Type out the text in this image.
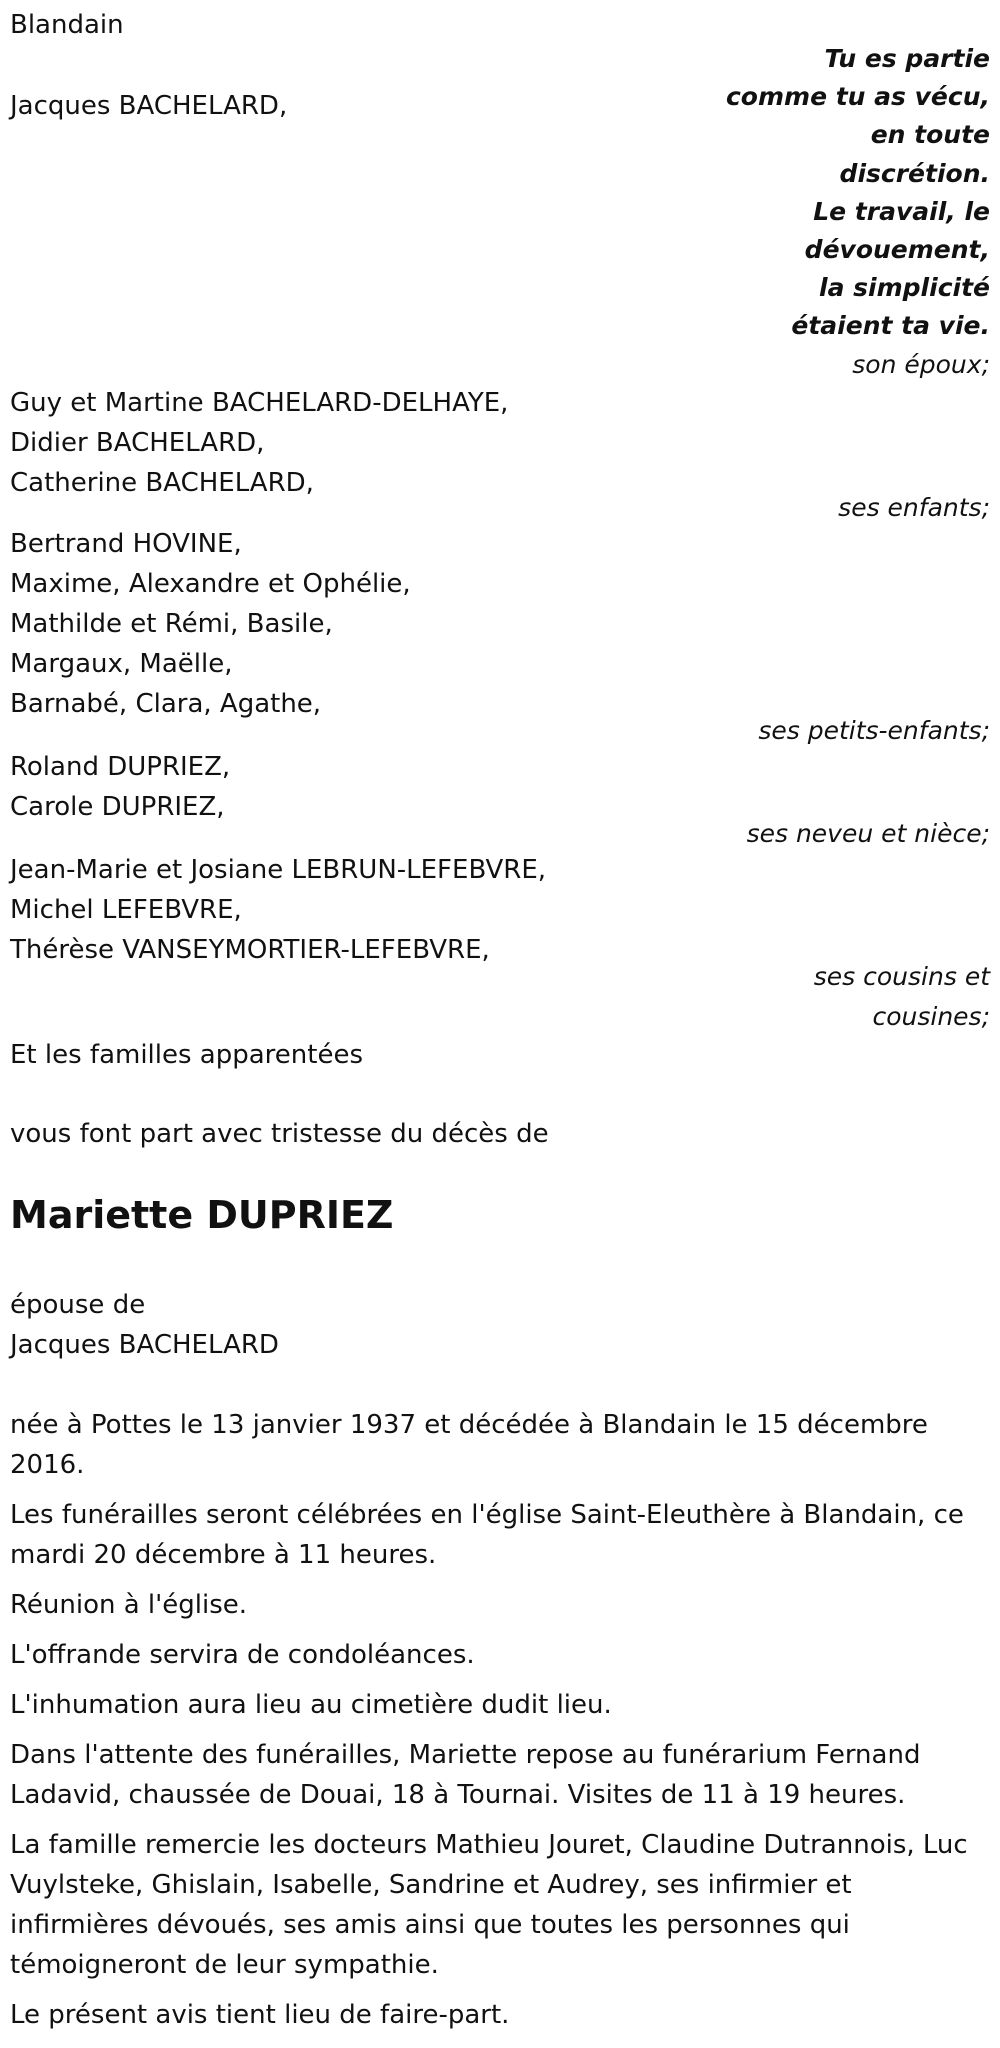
Blandain
Jacques BACHELARD,
Tu es partie
comme tu as vécu,
en toute
discrétion.
Le travail, le
dévouement,
la simplicité
étaient ta vie.
son époux;
Guy et Martine BACHELARD-DELHAYE,
Didier BACHELARD,
Catherine BACHELARD,
ses enfants;
Bertrand HOVINE,
Maxime, Alexandre et Ophélie,
Mathilde et Rémi, Basile,
Margaux, Maëlle,
Barnabé, Clara, Agathe,
ses petits-enfants;
Roland DUPRIEZ,
Carole DUPRIEZ,
ses neveu et nièce;
Jean-Marie et Josiane LEBRUN-LEFEBVRE,
Michel LEFEBVRE,
Thérèse VANSEYMORTIER-LEFEBVRE,
ses cousins et
cousines;
Et les familles apparentées
vous font part avec tristesse du décès de
Mariette DUPRIEZ
épouse de
Jacques BACHELARD
née à Pottes le 13 janvier 1937 et décédée à Blandain le 15 décembre 2016.
Les funérailles seront célébrées en l'église Saint-Eleuthère à Blandain, ce mardi 20 décembre à 11 heures.
Réunion à l'église.
L'offrande servira de condoléances.
L'inhumation aura lieu au cimetière dudit lieu.
Dans l'attente des funérailles, Mariette repose au funérarium Fernand Ladavid, chaussée de Douai, 18 à Tournai. Visites de 11 à 19 heures.
La famille remercie les docteurs Mathieu Jouret, Claudine Dutrannois, Luc Vuylsteke, Ghislain, Isabelle, Sandrine et Audrey, ses infirmier et infirmières dévoués, ses amis ainsi que toutes les personnes qui témoigneront de leur sympathie.
Le présent avis tient lieu de faire-part.
